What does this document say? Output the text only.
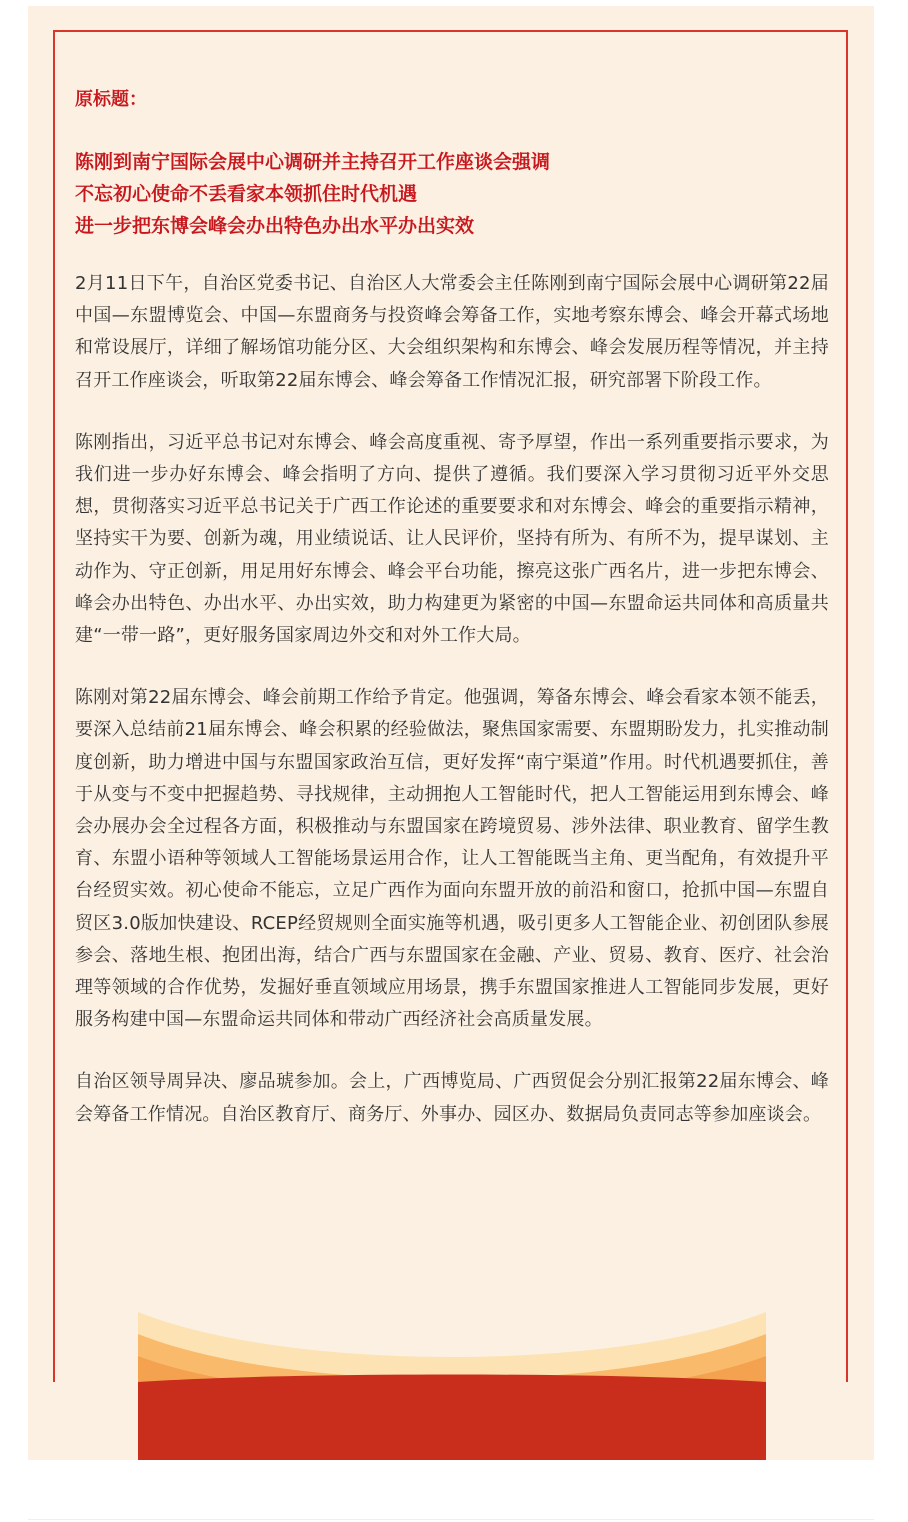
原标题：
陈刚到南宁国际会展中心调研并主持召开工作座谈会强调
不忘初心使命不丢看家本领抓住时代机遇
进一步把东博会峰会办出特色办出水平办出实效

2月11日下午，自治区党委书记、自治区人大常委会主任陈刚到南宁国际会展中心调研第22届中国—东盟博览会、中国—东盟商务与投资峰会筹备工作，实地考察东博会、峰会开幕式场地和常设展厅，详细了解场馆功能分区、大会组织架构和东博会、峰会发展历程等情况，并主持召开工作座谈会，听取第22届东博会、峰会筹备工作情况汇报，研究部署下阶段工作。

陈刚指出，习近平总书记对东博会、峰会高度重视、寄予厚望，作出一系列重要指示要求，为我们进一步办好东博会、峰会指明了方向、提供了遵循。我们要深入学习贯彻习近平外交思想，贯彻落实习近平总书记关于广西工作论述的重要要求和对东博会、峰会的重要指示精神，坚持实干为要、创新为魂，用业绩说话、让人民评价，坚持有所为、有所不为，提早谋划、主动作为、守正创新，用足用好东博会、峰会平台功能，擦亮这张广西名片，进一步把东博会、峰会办出特色、办出水平、办出实效，助力构建更为紧密的中国—东盟命运共同体和高质量共建“一带一路”，更好服务国家周边外交和对外工作大局。

陈刚对第22届东博会、峰会前期工作给予肯定。他强调，筹备东博会、峰会看家本领不能丢，要深入总结前21届东博会、峰会积累的经验做法，聚焦国家需要、东盟期盼发力，扎实推动制度创新，助力增进中国与东盟国家政治互信，更好发挥“南宁渠道”作用。时代机遇要抓住，善于从变与不变中把握趋势、寻找规律，主动拥抱人工智能时代，把人工智能运用到东博会、峰会办展办会全过程各方面，积极推动与东盟国家在跨境贸易、涉外法律、职业教育、留学生教育、东盟小语种等领域人工智能场景运用合作，让人工智能既当主角、更当配角，有效提升平台经贸实效。初心使命不能忘，立足广西作为面向东盟开放的前沿和窗口，抢抓中国—东盟自贸区3.0版加快建设、RCEP经贸规则全面实施等机遇，吸引更多人工智能企业、初创团队参展参会、落地生根、抱团出海，结合广西与东盟国家在金融、产业、贸易、教育、医疗、社会治理等领域的合作优势，发掘好垂直领域应用场景，携手东盟国家推进人工智能同步发展，更好服务构建中国—东盟命运共同体和带动广西经济社会高质量发展。

自治区领导周异决、廖品琥参加。会上，广西博览局、广西贸促会分别汇报第22届东博会、峰会筹备工作情况。自治区教育厅、商务厅、外事办、园区办、数据局负责同志等参加座谈会。
